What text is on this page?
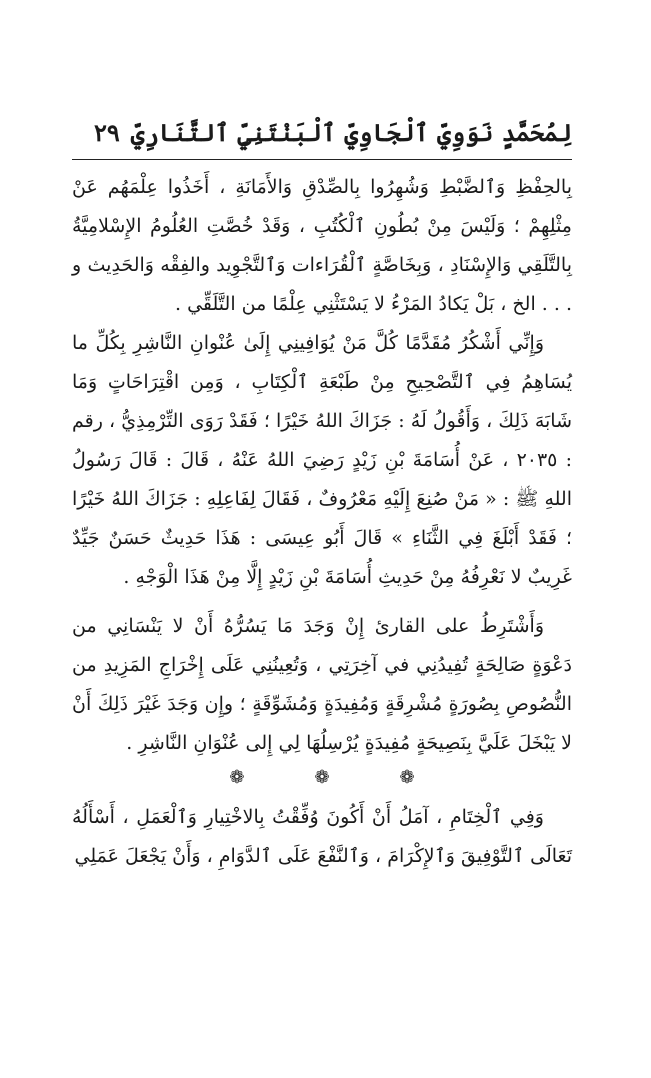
لِمُحَمَّدٍ نَوَوِيِّ ٱلْجَاوِيِّ ٱلْبَنْتَنِيِّ ٱلتَّنَارِيِّ
٢٩

بِالحِفْظِ وَٱلضَّبْطِ وَشُهِرُوا بِالصِّدْقِ وَالأَمَانَةِ ، أَخَذُوا عِلْمَهُم عَنْ مِثْلِهِمْ ؛ وَلَيْسَ مِنْ بُطُونِ ٱلْكُتُبِ ، وَقَدْ خُصَّتِ العُلُومُ الإِسْلامِيَّةُ بِالتَّلَقِي وَالإِسْنَادِ ، وَبِخَاصَّةٍ ٱلْقُرَاءات وَٱلتَّجْوِيد والفِقْه وَالحَدِيث و . . . الخ ، بَلْ يَكادُ المَرْءُ لا يَسْتَثْنِي عِلْمًا من التَّلَقِّي .

وَإِنِّي أَشْكُرُ مُقَدَّمًا كُلَّ مَنْ يُوَافِينِي إِلَىٰ عُنْوانِ النَّاشِرِ بِكُلِّ ما يُسَاهِمُ فِي ٱلتَّصْحِيحِ مِنْ طَبْعَةِ ٱلْكِتَابِ ، وَمِن اقْتِرَاحَاتٍ وَمَا شَابَهَ ذَلِكَ ، وَأَقُولُ لَهُ : جَزَاكَ اللهُ خَيْرًا ؛ فَقَدْ رَوَى التِّرْمِذِيُّ ، رقم : ٢٠٣٥ ، عَنْ أُسَامَةَ بْنِ زَيْدٍ رَضِيَ اللهُ عَنْهُ ، قَالَ : قَالَ رَسُولُ اللهِ ﷺ : « مَنْ صُنِعَ إِلَيْهِ مَعْرُوفٌ ، فَقَالَ لِفَاعِلِهِ : جَزَاكَ اللهُ خَيْرًا ؛ فَقَدْ أَبْلَغَ فِي الثَّنَاءِ » قَالَ أَبُو عِيسَى : هَذَا حَدِيثٌ حَسَنٌ جَيِّدٌ غَرِيبٌ لا نَعْرِفُهُ مِنْ حَدِيثِ أُسَامَةَ بْنِ زَيْدٍ إِلَّا مِنْ هَذَا الْوَجْهِ .

وَأَشْتَرِطُ على القارئ إِنْ وَجَدَ مَا يَسُرُّهُ أَنْ لا يَنْسَانِي من دَعْوَةٍ صَالِحَةٍ تُفِيدُنِي في آخِرَتِي ، وَتُعِينُنِي عَلَى إِخْرَاجِ المَزِيدِ من النُّصُوصِ بِصُورَةٍ مُشْرِقَةٍ وَمُفِيدَةٍ وَمُشَوِّقَةٍ ؛ وإِن وَجَدَ غَيْرَ ذَلِكَ أَنْ لا يَبْخَلَ عَلَيَّ بِنَصِيحَةٍ مُفِيدَةٍ يُرْسِلُهَا لِي إِلى عُنْوَانِ النَّاشِرِ .

❁	❁	❁

وَفِي ٱلْخِتَامِ ، آمَلُ أَنْ أَكُونَ وُفِّقْتُ بِالاخْتِيارِ وَٱلْعَمَلِ ، أَسْأَلُهُ تَعَالَى ٱلتَّوْفِيقَ وَٱلإِكْرَامَ ، وَٱلنَّفْعَ عَلَى ٱلدَّوَامِ ، وَأَنْ يَجْعَلَ عَمَلِي
